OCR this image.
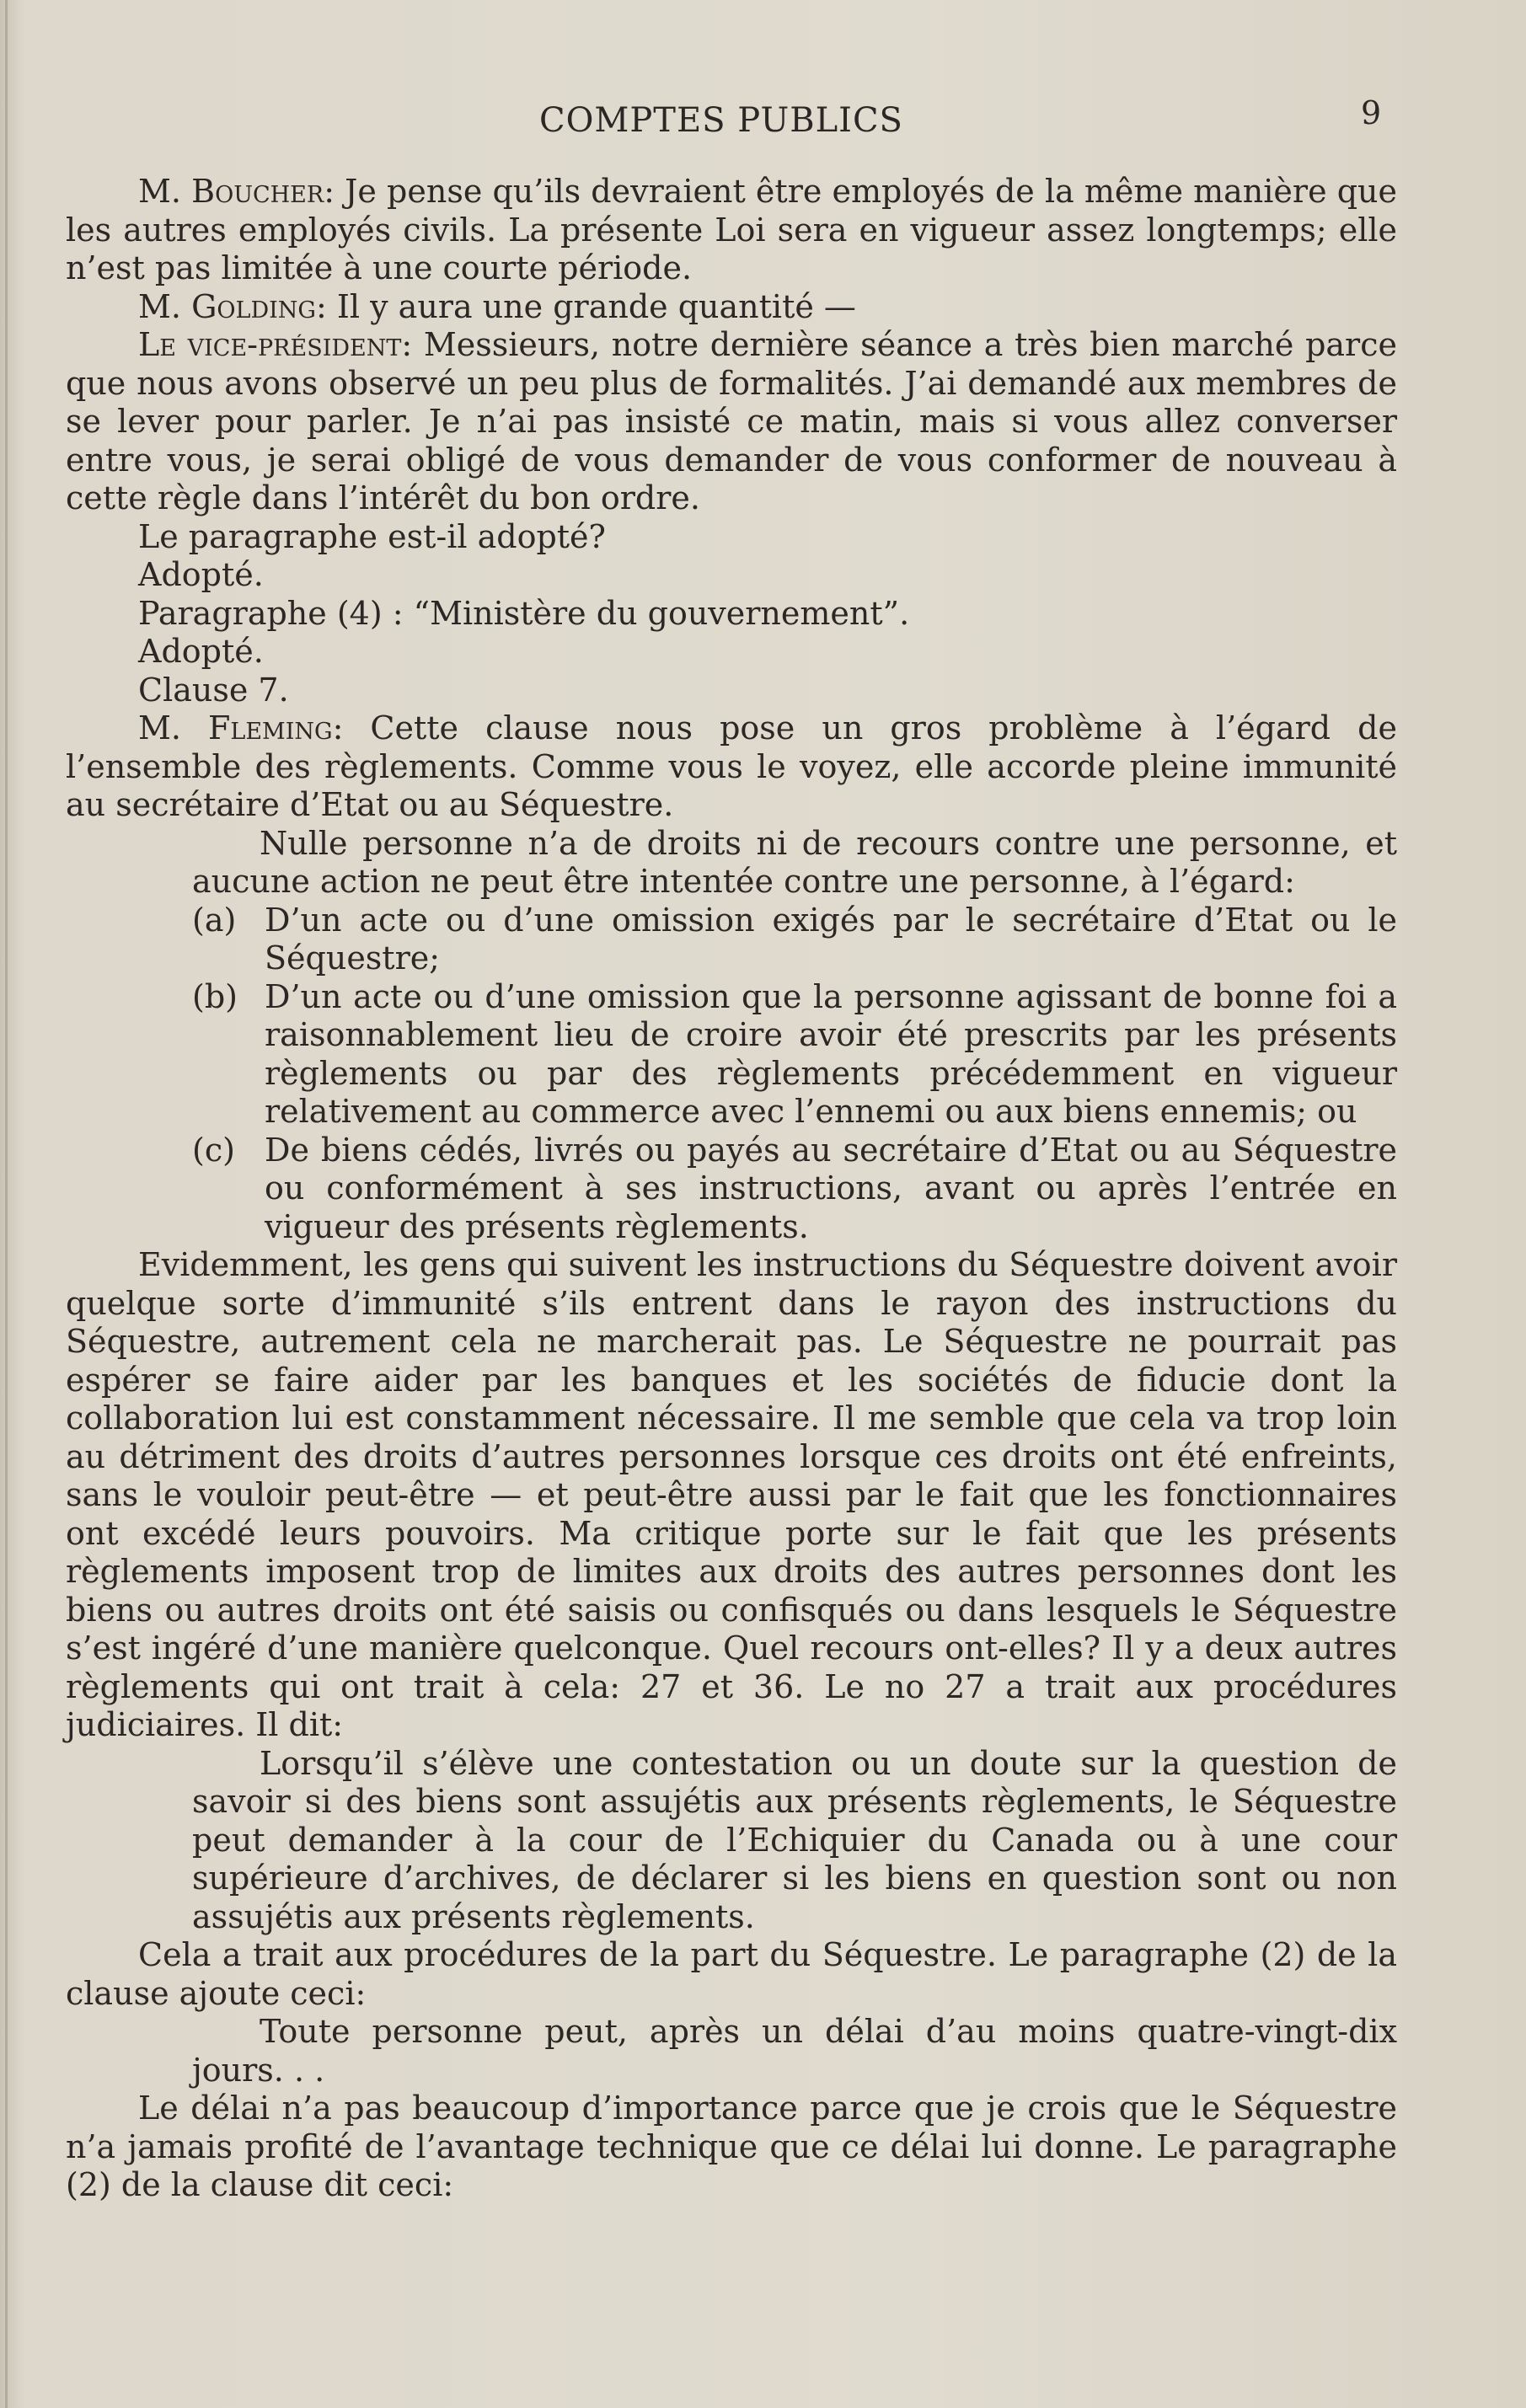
COMPTES PUBLICS	9

M. Boucher: Je pense qu’ils devraient être employés de la même manière que les autres employés civils. La présente Loi sera en vigueur assez longtemps; elle n’est pas limitée à une courte période.

M. Golding: Il y aura une grande quantité —

Le vice-président: Messieurs, notre dernière séance a très bien marché parce que nous avons observé un peu plus de formalités. J’ai demandé aux membres de se lever pour parler. Je n’ai pas insisté ce matin, mais si vous allez converser entre vous, je serai obligé de vous demander de vous conformer de nouveau à cette règle dans l’intérêt du bon ordre.

Le paragraphe est-il adopté?

Adopté.

Paragraphe (4) : “Ministère du gouvernement”.

Adopté.

Clause 7.

M. Fleming: Cette clause nous pose un gros problème à l’égard de l’ensemble des règlements. Comme vous le voyez, elle accorde pleine immunité au secrétaire d’Etat ou au Séquestre.

Nulle personne n’a de droits ni de recours contre une personne, et aucune action ne peut être intentée contre une personne, à l’égard:

(a) D’un acte ou d’une omission exigés par le secrétaire d’Etat ou le Séquestre;
(b) D’un acte ou d’une omission que la personne agissant de bonne foi a raisonnablement lieu de croire avoir été prescrits par les présents règlements ou par des règlements précédemment en vigueur relativement au commerce avec l’ennemi ou aux biens ennemis; ou
(c) De biens cédés, livrés ou payés au secrétaire d’Etat ou au Séquestre ou conformément à ses instructions, avant ou après l’entrée en vigueur des présents règlements.

Evidemment, les gens qui suivent les instructions du Séquestre doivent avoir quelque sorte d’immunité s’ils entrent dans le rayon des instructions du Séquestre, autrement cela ne marcherait pas. Le Séquestre ne pourrait pas espérer se faire aider par les banques et les sociétés de fiducie dont la collaboration lui est constamment nécessaire. Il me semble que cela va trop loin au détriment des droits d’autres personnes lorsque ces droits ont été enfreints, sans le vouloir peut-être — et peut-être aussi par le fait que les fonctionnaires ont excédé leurs pouvoirs. Ma critique porte sur le fait que les présents règlements imposent trop de limites aux droits des autres personnes dont les biens ou autres droits ont été saisis ou confisqués ou dans lesquels le Séquestre s’est ingéré d’une manière quelconque. Quel recours ont-elles? Il y a deux autres règlements qui ont trait à cela: 27 et 36. Le no 27 a trait aux procédures judiciaires. Il dit:

Lorsqu’il s’élève une contestation ou un doute sur la question de savoir si des biens sont assujétis aux présents règlements, le Séquestre peut demander à la cour de l’Echiquier du Canada ou à une cour supérieure d’archives, de déclarer si les biens en question sont ou non assujétis aux présents règlements.

Cela a trait aux procédures de la part du Séquestre. Le paragraphe (2) de la clause ajoute ceci:

Toute personne peut, après un délai d’au moins quatre-vingt-dix jours. . .

Le délai n’a pas beaucoup d’importance parce que je crois que le Séquestre n’a jamais profité de l’avantage technique que ce délai lui donne. Le paragraphe (2) de la clause dit ceci:
